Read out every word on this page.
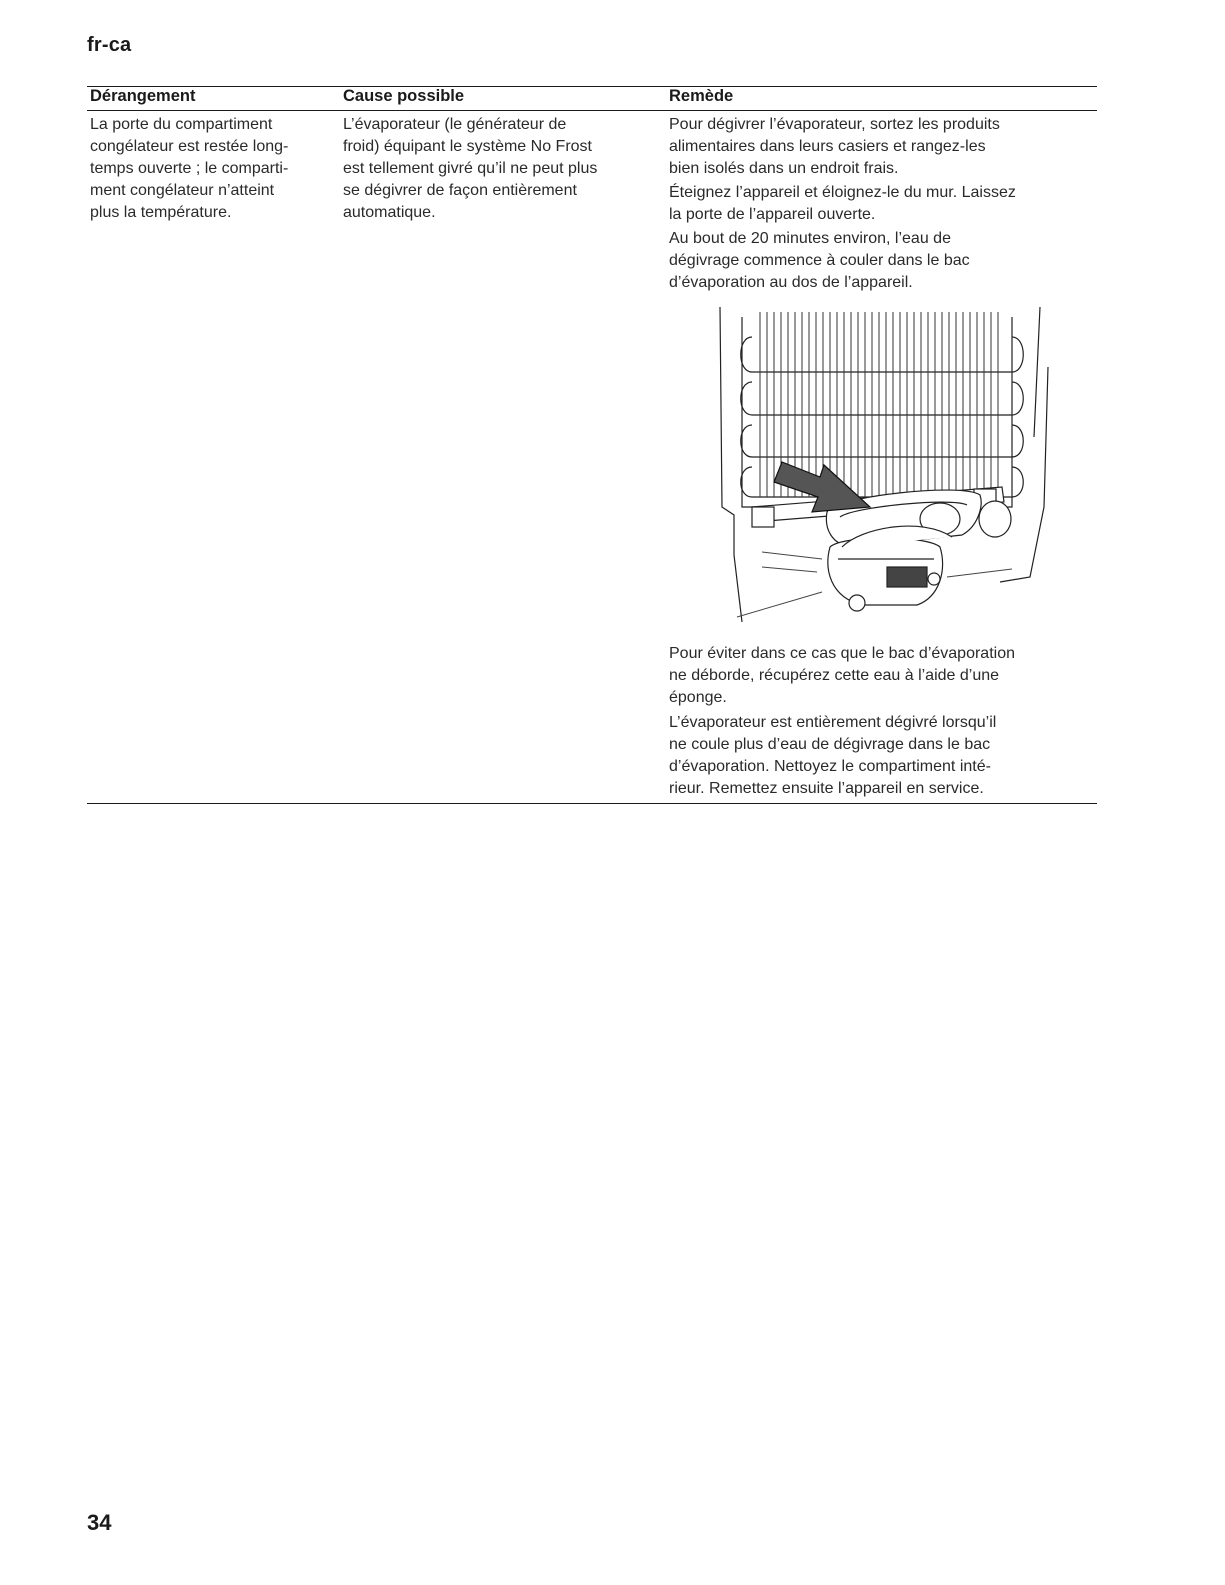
fr-ca
Dérangement	Cause possible	Remède
La porte du compartiment
congélateur est restée long-
temps ouverte ; le comparti-
ment congélateur n’atteint
plus la température.
L’évaporateur (le générateur de
froid) équipant le système No Frost
est tellement givré qu’il ne peut plus
se dégivrer de façon entièrement
automatique.
Pour dégivrer l’évaporateur, sortez les produits
alimentaires dans leurs casiers et rangez-les
bien isolés dans un endroit frais.
Éteignez l’appareil et éloignez-le du mur. Laissez
la porte de l’appareil ouverte.
Au bout de 20 minutes environ, l’eau de
dégivrage commence à couler dans le bac
d’évaporation au dos de l’appareil.
Pour éviter dans ce cas que le bac d’évaporation
ne déborde, récupérez cette eau à l’aide d’une
éponge.
L’évaporateur est entièrement dégivré lorsqu’il
ne coule plus d’eau de dégivrage dans le bac
d’évaporation. Nettoyez le compartiment inté-
rieur. Remettez ensuite l’appareil en service.
34
